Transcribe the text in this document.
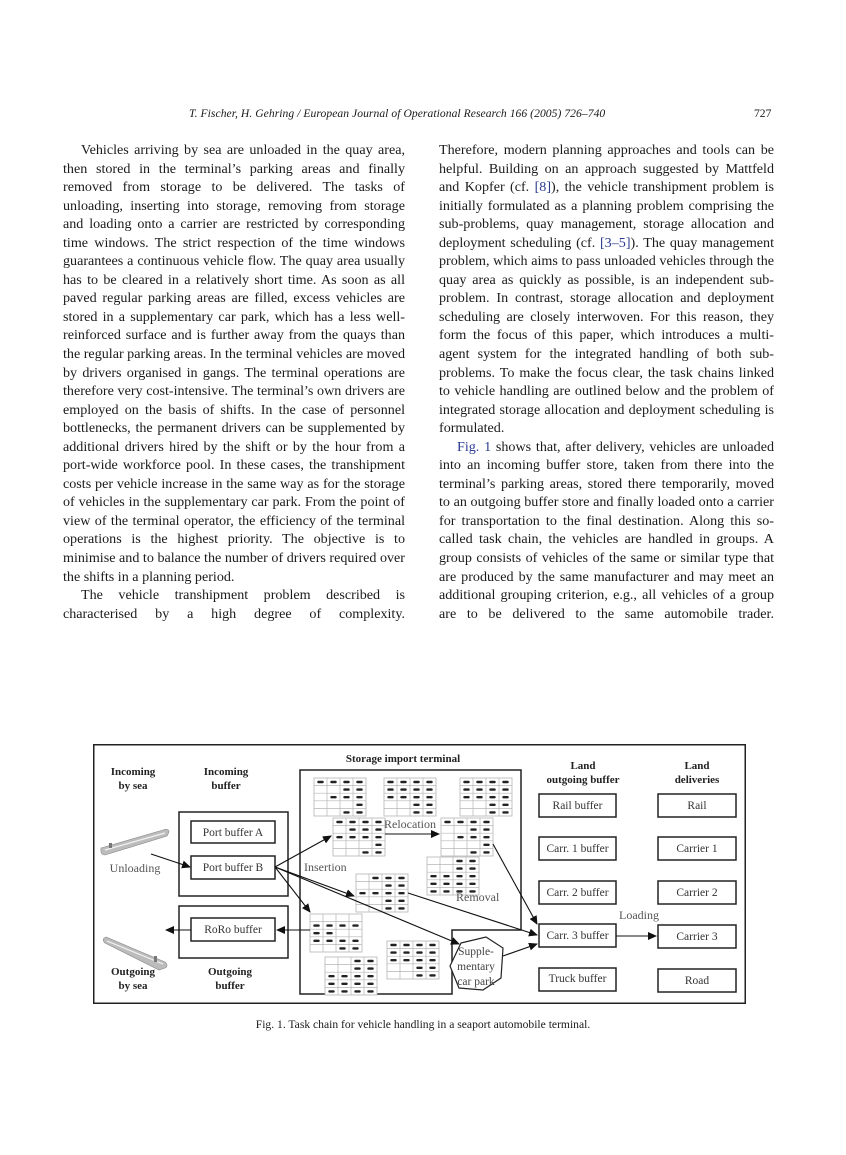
T. Fischer, H. Gehring / European Journal of Operational Research 166 (2005) 726–740	727

Vehicles arriving by sea are unloaded in the quay area, then stored in the terminal’s parking areas and finally removed from storage to be delivered. The tasks of unloading, inserting into storage, removing from storage and loading onto a carrier are restricted by corresponding time windows. The strict respection of the time windows guarantees a continuous vehicle flow. The quay area usually has to be cleared in a relatively short time. As soon as all paved regular parking areas are filled, excess vehicles are stored in a supplementary car park, which has a less well-reinforced surface and is further away from the quays than the regular parking areas. In the terminal vehicles are moved by drivers organised in gangs. The terminal operations are therefore very cost-intensive. The terminal’s own drivers are employed on the basis of shifts. In the case of personnel bottlenecks, the permanent drivers can be supplemented by additional drivers hired by the shift or by the hour from a port-wide workforce pool. In these cases, the transhipment costs per vehicle increase in the same way as for the storage of vehicles in the supplementary car park. From the point of view of the terminal operator, the efficiency of the terminal operations is the highest priority. The objective is to minimise and to balance the number of drivers required over the shifts in a planning period.

The vehicle transhipment problem described is characterised by a high degree of complexity.

Therefore, modern planning approaches and tools can be helpful. Building on an approach suggested by Mattfeld and Kopfer (cf. [8]), the vehicle transhipment problem is initially formulated as a planning problem comprising the sub-problems, quay management, storage allocation and deployment scheduling (cf. [3–5]). The quay management problem, which aims to pass unloaded vehicles through the quay area as quickly as possible, is an independent sub-problem. In contrast, storage allocation and deployment scheduling are closely interwoven. For this reason, they form the focus of this paper, which introduces a multi-agent system for the integrated handling of both sub-problems. To make the focus clear, the task chains linked to vehicle handling are outlined below and the problem of integrated storage allocation and deployment scheduling is formulated.

Fig. 1 shows that, after delivery, vehicles are unloaded into an incoming buffer store, taken from there into the terminal’s parking areas, stored there temporarily, moved to an outgoing buffer store and finally loaded onto a carrier for transportation to the final destination. Along this so-called task chain, the vehicles are handled in groups. A group consists of vehicles of the same or similar type that are produced by the same manufacturer and may meet an additional grouping criterion, e.g., all vehicles of a group are to be delivered to the same automobile trader.

Incoming
by sea
Incoming
buffer
Storage import terminal
Land
outgoing buffer
Land
deliveries
Outgoing
by sea
Outgoing
buffer
Unloading
Port buffer A
Port buffer B
RoRo buffer
Relocation
Insertion
Removal
Loading
Supple-
mentary
car park
Rail buffer
Carr. 1 buffer
Carr. 2 buffer
Carr. 3 buffer
Truck buffer
Rail
Carrier 1
Carrier 2
Carrier 3
Road
Fig. 1. Task chain for vehicle handling in a seaport automobile terminal.
